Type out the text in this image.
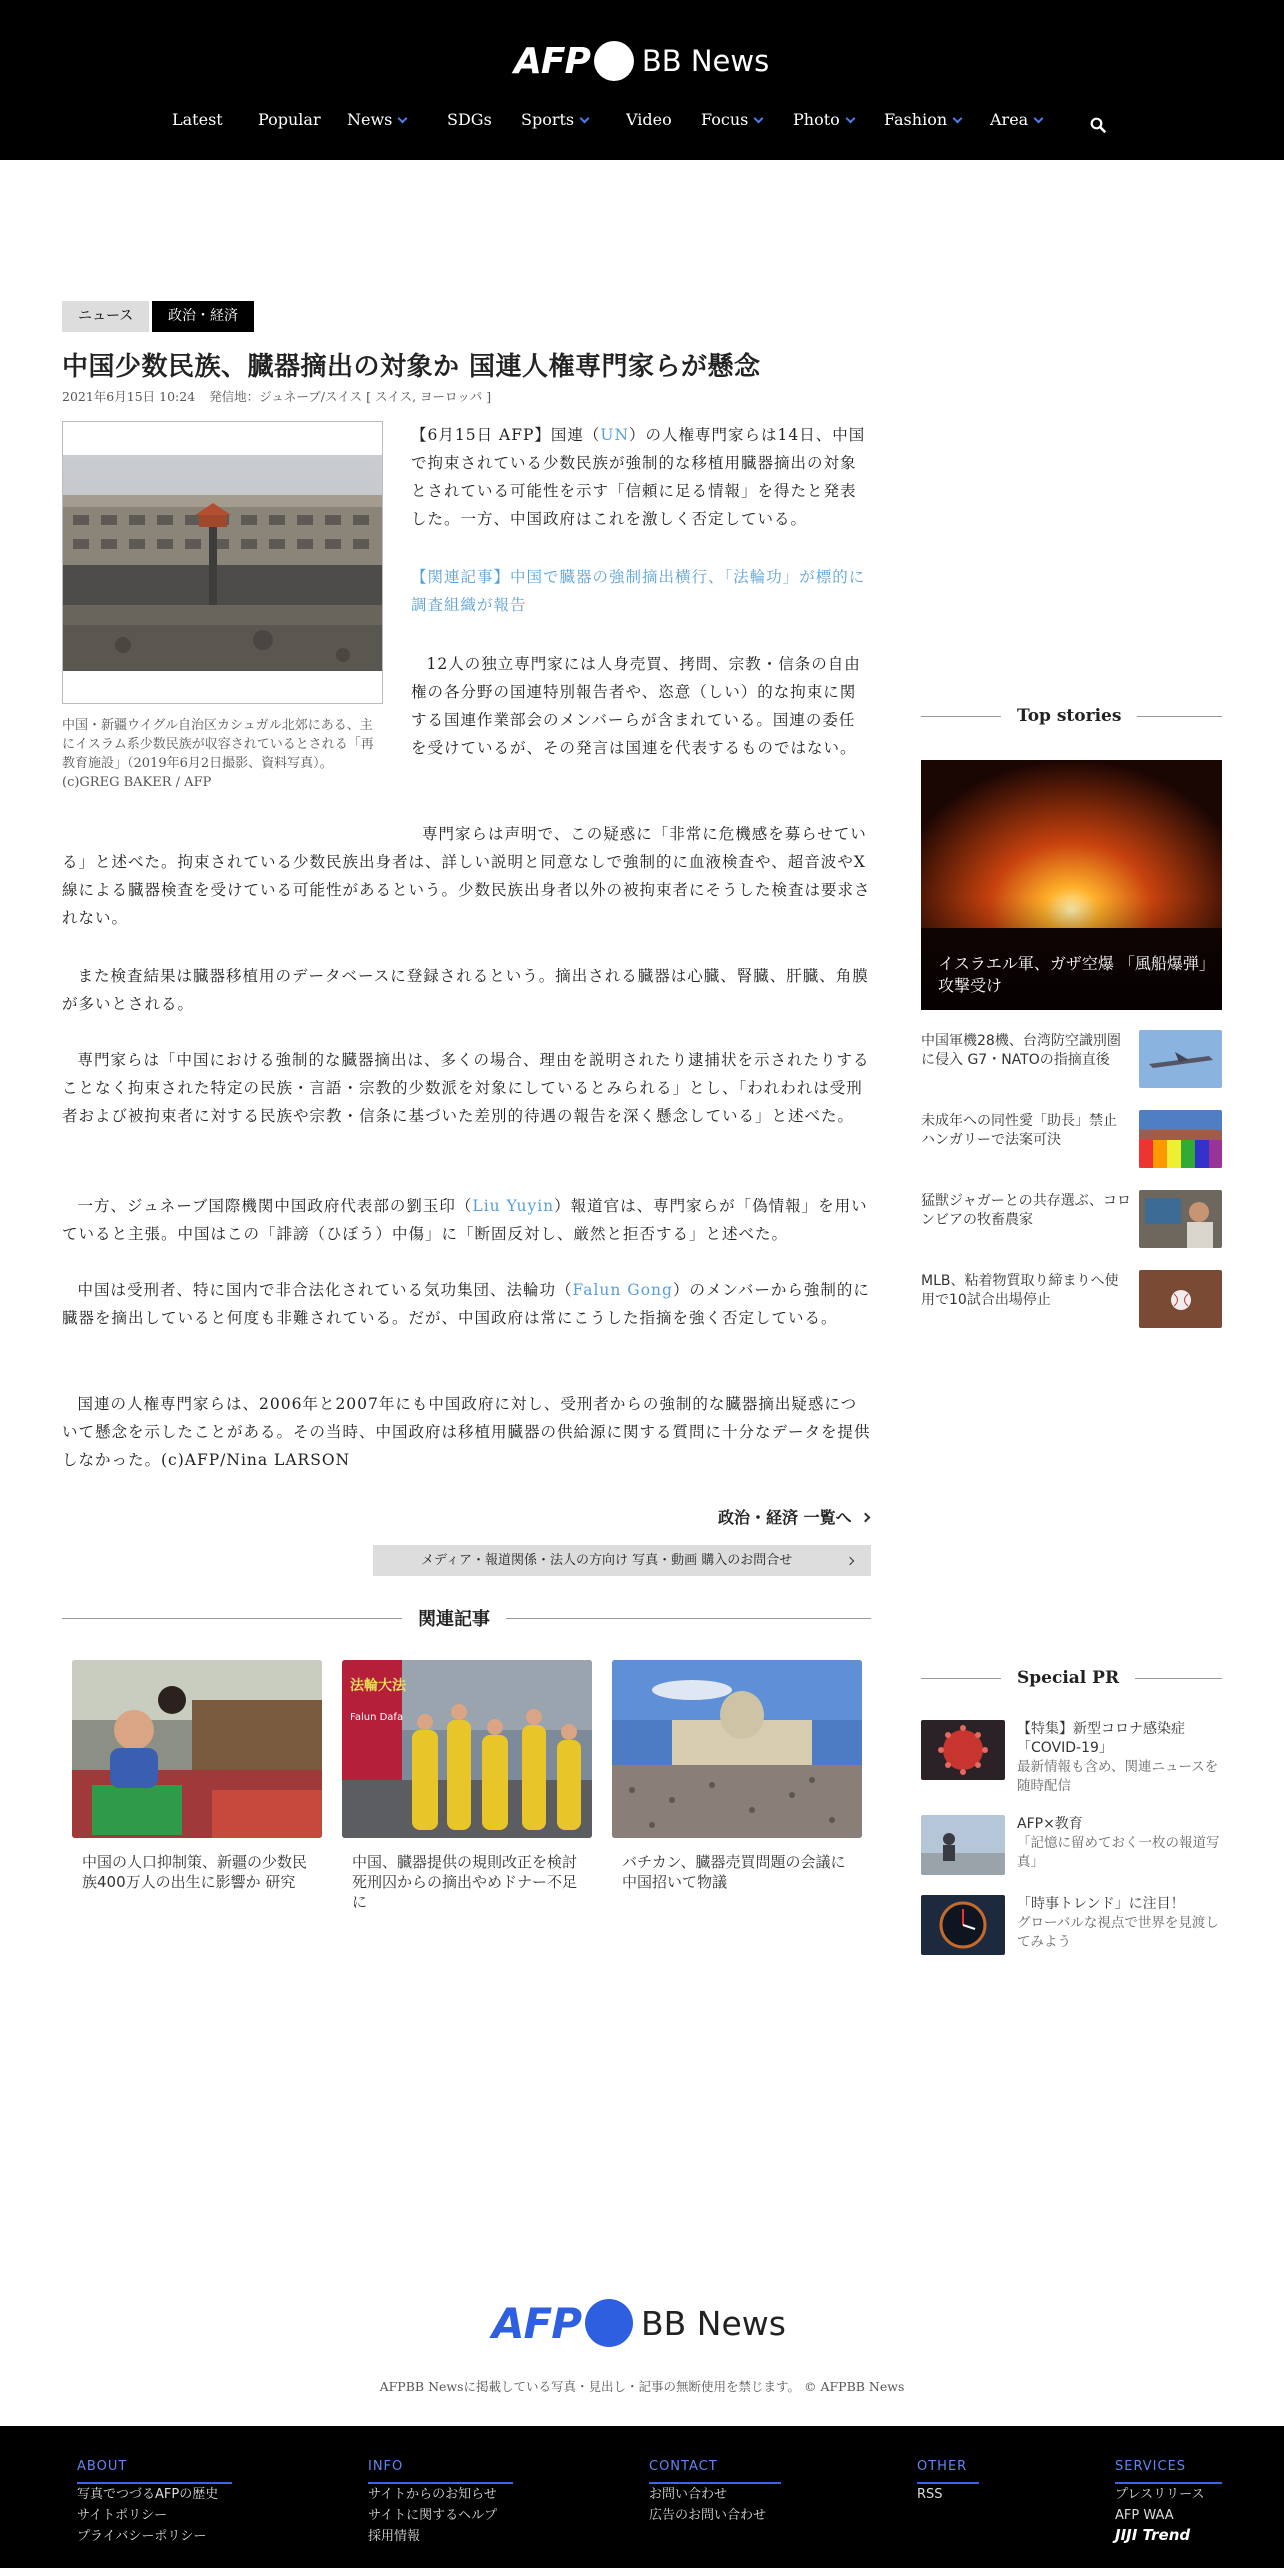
AFP BB News
Latest Popular News	SDGs Sports	Video Focus	Photo	Fashion	Area
ニュース	政治・経済
中国少数民族、臓器摘出の対象か 国連人権専門家らが懸念
2021年6月15日 10:24 発信地：ジュネーブ/スイス [ スイス, ヨーロッパ ]
中国・新疆ウイグル自治区カシュガル北郊にある、主にイスラム系少数民族が収容されているとされる「再教育施設」（2019年6月2日撮影、資料写真）。(c)GREG BAKER / AFP
【6月15日 AFP】国連（UN）の人権専門家らは14日、中国で拘束されている少数民族が強制的な移植用臓器摘出の対象とされている可能性を示す「信頼に足る情報」を得たと発表した。一方、中国政府はこれを激しく否定している。
【関連記事】中国で臓器の強制摘出横行、「法輪功」が標的に 調査組織が報告
12人の独立専門家には人身売買、拷問、宗教・信条の自由権の各分野の国連特別報告者や、恣意（しい）的な拘束に関する国連作業部会のメンバーらが含まれている。国連の委任を受けているが、その発言は国連を代表するものではない。
専門家らは声明で、この疑惑に「非常に危機感を募らせている」と述べた。拘束されている少数民族出身者は、詳しい説明と同意なしで強制的に血液検査や、超音波やX線による臓器検査を受けている可能性があるという。少数民族出身者以外の被拘束者にそうした検査は要求されない。
また検査結果は臓器移植用のデータベースに登録されるという。摘出される臓器は心臓、腎臓、肝臓、角膜が多いとされる。
専門家らは「中国における強制的な臓器摘出は、多くの場合、理由を説明されたり逮捕状を示されたりすることなく拘束された特定の民族・言語・宗教的少数派を対象にしているとみられる」とし、「われわれは受刑者および被拘束者に対する民族や宗教・信条に基づいた差別的待遇の報告を深く懸念している」と述べた。
一方、ジュネーブ国際機関中国政府代表部の劉玉印（Liu Yuyin）報道官は、専門家らが「偽情報」を用いていると主張。中国はこの「誹謗（ひぼう）中傷」に「断固反対し、厳然と拒否する」と述べた。
中国は受刑者、特に国内で非合法化されている気功集団、法輪功（Falun Gong）のメンバーから強制的に臓器を摘出していると何度も非難されている。だが、中国政府は常にこうした指摘を強く否定している。
国連の人権専門家らは、2006年と2007年にも中国政府に対し、受刑者からの強制的な臓器摘出疑惑について懸念を示したことがある。その当時、中国政府は移植用臓器の供給源に関する質問に十分なデータを提供しなかった。(c)AFP/Nina LARSON
政治・経済 一覧へ
メディア・報道関係・法人の方向け 写真・動画 購入のお問合せ
関連記事
中国の人口抑制策、新疆の少数民族400万人の出生に影響か 研究
法輪大法
Falun Dafa
中国、臓器提供の規則改正を検討 死刑囚からの摘出やめドナー不足に
バチカン、臓器売買問題の会議に中国招いて物議
Top stories
イスラエル軍、ガザ空爆 「風船爆弾」攻撃受け
中国軍機28機、台湾防空識別圏に侵入 G7・NATOの指摘直後
未成年への同性愛「助長」禁止 ハンガリーで法案可決
猛獣ジャガーとの共存選ぶ、コロンビアの牧畜農家
MLB、粘着物質取り締まりへ使用で10試合出場停止
Special PR
【特集】新型コロナ感染症「COVID-19」
最新情報も含め、関連ニュースを随時配信
AFP×教育
「記憶に留めておく一枚の報道写真」
「時事トレンド」に注目！
グローバルな視点で世界を見渡してみよう
AFP BB News
AFPBB Newsに掲載している写真・見出し・記事の無断使用を禁じます。 © AFPBB News
ABOUT
写真でつづるAFPの歴史
サイトポリシー
プライバシーポリシー
INFO
サイトからのお知らせ
サイトに関するヘルプ
採用情報
CONTACT
お問い合わせ
広告のお問い合わせ
OTHER
RSS
SERVICES
プレスリリース
AFP WAA
JIJI Trend
